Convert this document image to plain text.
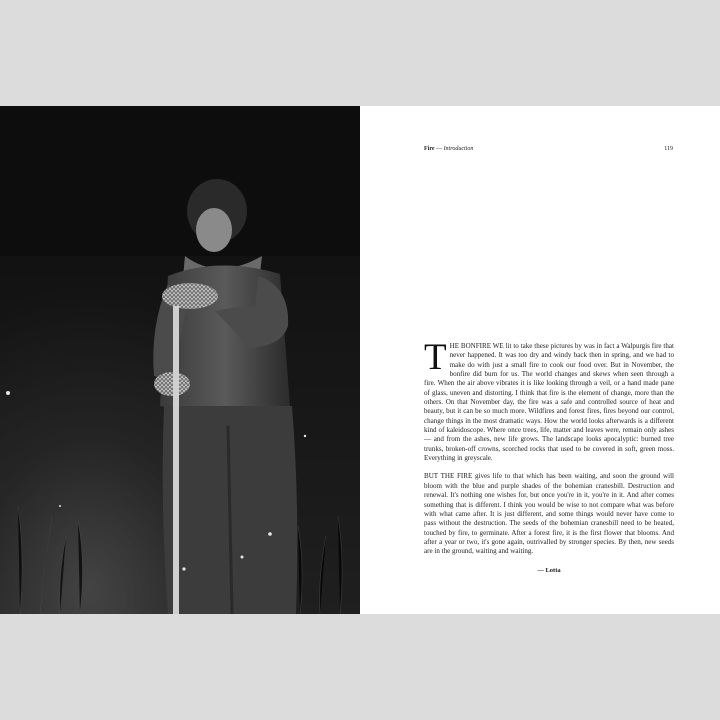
Fire — Introduction	119

THE BONFIRE WE lit to take these pictures by was in fact a Walpurgis fire that never happened. It was too dry and windy back then in spring, and we had to make do with just a small fire to cook our food over. But in November, the bonfire did burn for us. The world changes and skews when seen through a fire. When the air above vibrates it is like looking through a veil, or a hand made pane of glass, uneven and distorting. I think that fire is the element of change, more than the others. On that November day, the fire was a safe and controlled source of heat and beauty, but it can be so much more. Wildfires and forest fires, fires beyond our control, change things in the most dramatic ways. How the world looks afterwards is a different kind of kaleidoscope. Where once trees, life, matter and leaves were, remain only ashes — and from the ashes, new life grows. The landscape looks apocalyptic: burned tree trunks, broken-off crowns, scorched rocks that used to be covered in soft, green moss. Everything in greyscale.

BUT THE FIRE gives life to that which has been waiting, and soon the ground will bloom with the blue and purple shades of the bohemian cranesbill. Destruction and renewal. It's nothing one wishes for, but once you're in it, you're in it. And after comes something that is different. I think you would be wise to not compare what was before with what came after. It is just different, and some things would never have come to pass without the destruction. The seeds of the bohemian cranesbill need to be heated, touched by fire, to germinate. After a forest fire, it is the first flower that blooms. And after a year or two, it's gone again, outrivalled by stronger species. By then, new seeds are in the ground, waiting and waiting.

— Lotta
